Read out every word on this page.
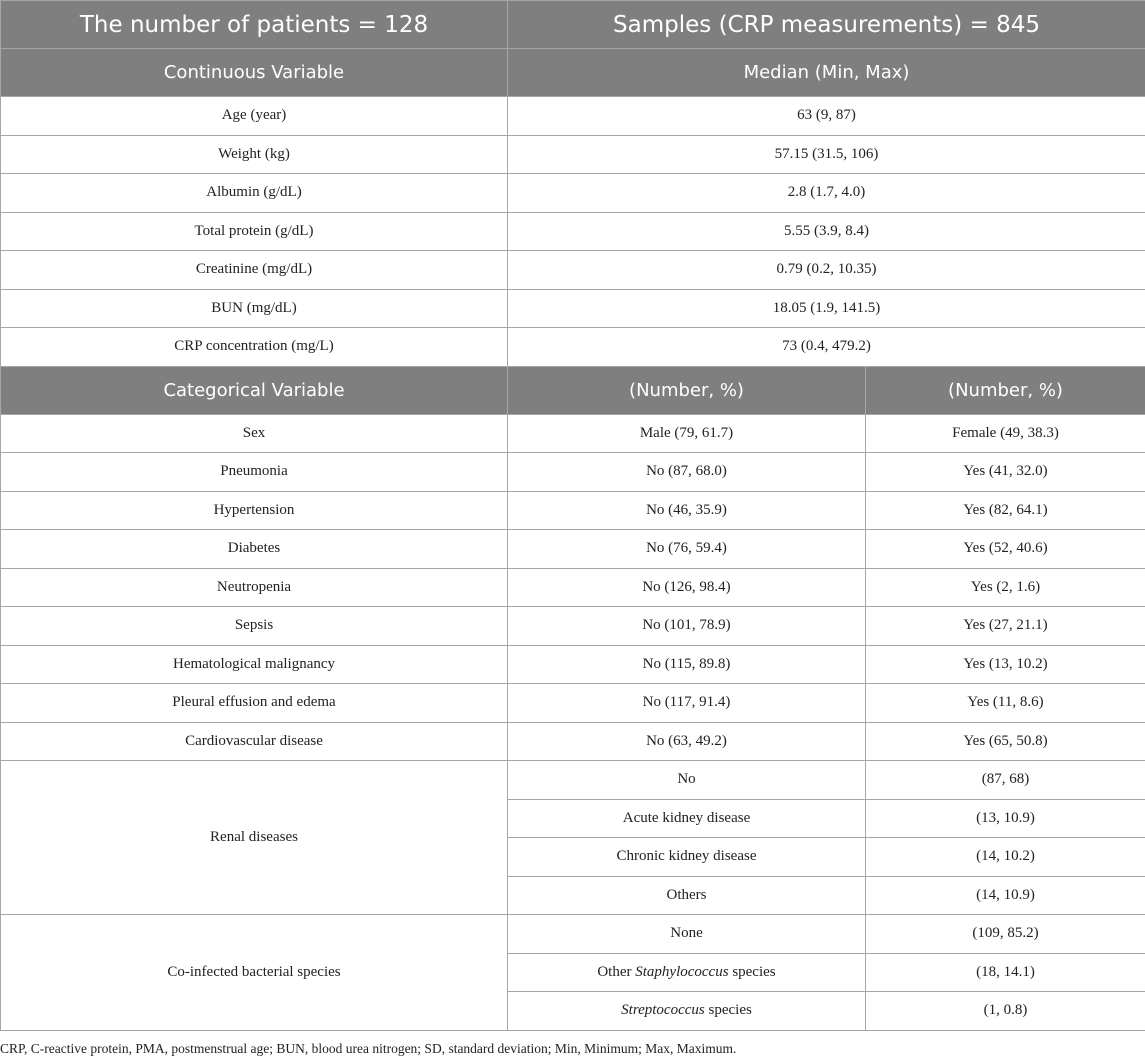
The number of patients = 128	Samples (CRP measurements) = 845	
Continuous Variable	Median (Min, Max)	
Age (year)	63 (9, 87)	
Weight (kg)	57.15 (31.5, 106)	
Albumin (g/dL)	2.8 (1.7, 4.0)	
Total protein (g/dL)	5.55 (3.9, 8.4)	
Creatinine (mg/dL)	0.79 (0.2, 10.35)	
BUN (mg/dL)	18.05 (1.9, 141.5)	
CRP concentration (mg/L)	73 (0.4, 479.2)	
Categorical Variable	(Number, %)	(Number, %)
Sex	Male (79, 61.7)	Female (49, 38.3)
Pneumonia	No (87, 68.0)	Yes (41, 32.0)
Hypertension	No (46, 35.9)	Yes (82, 64.1)
Diabetes	No (76, 59.4)	Yes (52, 40.6)
Neutropenia	No (126, 98.4)	Yes (2, 1.6)
Sepsis	No (101, 78.9)	Yes (27, 21.1)
Hematological malignancy	No (115, 89.8)	Yes (13, 10.2)
Pleural effusion and edema	No (117, 91.4)	Yes (11, 8.6)
Cardiovascular disease	No (63, 49.2)	Yes (65, 50.8)
Renal diseases	No	(87, 68)
	Acute kidney disease	(13, 10.9)
	Chronic kidney disease	(14, 10.2)
	Others	(14, 10.9)
Co-infected bacterial species	None	(109, 85.2)
	Other Staphylococcus species	(18, 14.1)
	Streptococcus species	(1, 0.8)
CRP, C-reactive protein, PMA, postmenstrual age; BUN, blood urea nitrogen; SD, standard deviation; Min, Minimum; Max, Maximum.
